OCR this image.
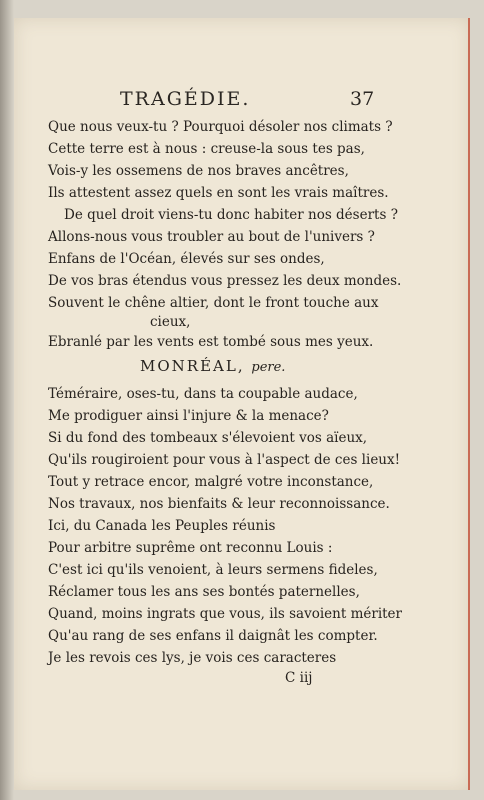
TRAGÉDIE.	37
Que nous veux-tu ? Pourquoi désoler nos climats ?
Cette terre est à nous : creuse-la sous tes pas,
Vois-y les ossemens de nos braves ancêtres,
Ils attestent assez quels en sont les vrais maîtres.
De quel droit viens-tu donc habiter nos déserts ?
Allons-nous vous troubler au bout de l'univers ?
Enfans de l'Océan, élevés sur ses ondes,
De vos bras étendus vous pressez les deux mondes.
Souvent le chêne altier, dont le front touche aux
cieux,
Ebranlé par les vents est tombé sous mes yeux.
MONRÉAL, pere.
Téméraire, oses-tu, dans ta coupable audace,
Me prodiguer ainsi l'injure & la menace?
Si du fond des tombeaux s'élevoient vos aïeux,
Qu'ils rougiroient pour vous à l'aspect de ces lieux!
Tout y retrace encor, malgré votre inconstance,
Nos travaux, nos bienfaits & leur reconnoissance.
Ici, du Canada les Peuples réunis
Pour arbitre suprême ont reconnu Louis :
C'est ici qu'ils venoient, à leurs sermens fideles,
Réclamer tous les ans ses bontés paternelles,
Quand, moins ingrats que vous, ils savoient mériter
Qu'au rang de ses enfans il daignât les compter.
Je les revois ces lys, je vois ces caracteres
C iij
